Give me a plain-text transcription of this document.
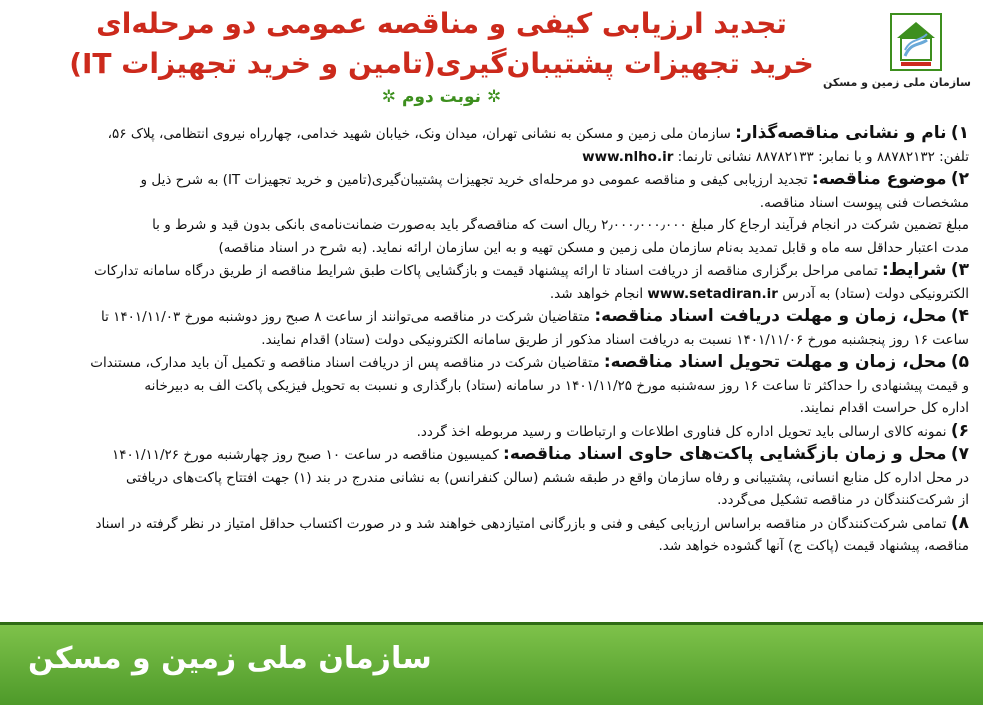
سازمان ملی زمین و مسکن
تجدید ارزیابی کیفی و مناقصه عمومی دو مرحله‌ای
خرید تجهیزات پشتیبان‌گیری(تامین و خرید تجهیزات IT)
✲ نوبت دوم ✲
۱) نام و نشانی مناقصه‌گذار: سازمان ملی زمین و مسکن به نشانی تهران، میدان ونک، خیابان شهید خدامی، چهارراه نیروی انتظامی، پلاک ۵۶،
تلفن: ۸۸۷۸۲۱۳۲ و با نمابر: ۸۸۷۸۲۱۳۳ نشانی تارنما: www.nlho.ir
۲) موضوع مناقصه: تجدید ارزیابی کیفی و مناقصه عمومی دو مرحله‌ای خرید تجهیزات پشتیبان‌گیری(تامین و خرید تجهیزات IT) به شرح ذیل و
مشخصات فنی پیوست اسناد مناقصه.
مبلغ تضمین شرکت در انجام فرآیند ارجاع کار مبلغ ۲٫۰۰۰٫۰۰۰٫۰۰۰ ریال است که مناقصه‌گر باید به‌صورت ضمانت‌نامه‌ی بانکی بدون قید و شرط و با
مدت اعتبار حداقل سه ماه و قابل تمدید به‌نام سازمان ملی زمین و مسکن تهیه و به این سازمان ارائه نماید. (به شرح در اسناد مناقصه)
۳) شرایط: تمامی مراحل برگزاری مناقصه از دریافت اسناد تا ارائه پیشنهاد قیمت و بازگشایی پاکات طبق شرایط مناقصه از طریق درگاه سامانه تدارکات
الکترونیکی دولت (ستاد) به آدرس www.setadiran.ir انجام خواهد شد.
۴) محل، زمان و مهلت دریافت اسناد مناقصه: متقاضیان شرکت در مناقصه می‌توانند از ساعت ۸ صبح روز دوشنبه مورخ ۱۴۰۱/۱۱/۰۳ تا
ساعت ۱۶ روز پنجشنبه مورخ ۱۴۰۱/۱۱/۰۶ نسبت به دریافت اسناد مذکور از طریق سامانه الکترونیکی دولت (ستاد) اقدام نمایند.
۵) محل، زمان و مهلت تحویل اسناد مناقصه: متقاضیان شرکت در مناقصه پس از دریافت اسناد مناقصه و تکمیل آن باید مدارک، مستندات
و قیمت پیشنهادی را حداکثر تا ساعت ۱۶ روز سه‌شنبه مورخ ۱۴۰۱/۱۱/۲۵ در سامانه (ستاد) بارگذاری و نسبت به تحویل فیزیکی پاکت الف به دبیرخانه
اداره کل حراست اقدام نمایند.
۶) نمونه کالای ارسالی باید تحویل اداره کل فناوری اطلاعات و ارتباطات و رسید مربوطه اخذ گردد.
۷) محل و زمان بازگشایی پاکت‌های حاوی اسناد مناقصه: کمیسیون مناقصه در ساعت ۱۰ صبح روز چهارشنبه مورخ ۱۴۰۱/۱۱/۲۶
در محل اداره کل منابع انسانی، پشتیبانی و رفاه سازمان واقع در طبقه ششم (سالن کنفرانس) به نشانی مندرج در بند (۱) جهت افتتاح پاکت‌های دریافتی
از شرکت‌کنندگان در مناقصه تشکیل می‌گردد.
۸) تمامی شرکت‌کنندگان در مناقصه براساس ارزیابی کیفی و فنی و بازرگانی امتیازدهی خواهند شد و در صورت اکتساب حداقل امتیاز در نظر گرفته در اسناد
مناقصه، پیشنهاد قیمت (پاکت ج) آنها گشوده خواهد شد.
سازمان ملی زمین و مسکن
